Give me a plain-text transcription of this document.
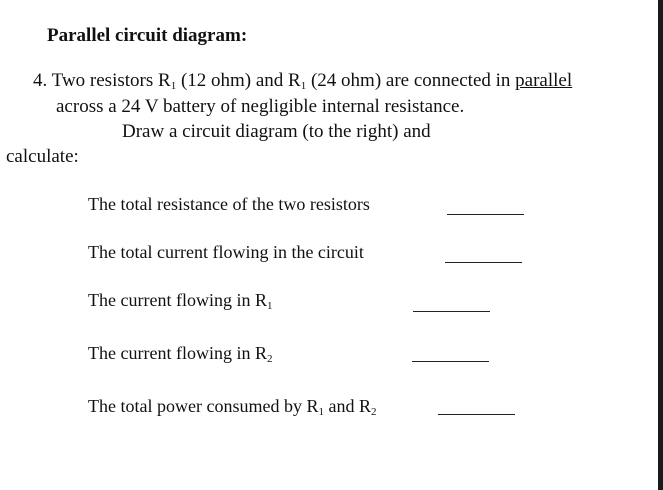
Parallel circuit diagram:
4. Two resistors $R_1$ (12 ohm) and $R_1$ (24 ohm) are connected in parallel
across a 24 V battery of negligible internal resistance.
Draw a circuit diagram (to the right) and
calculate:
The total resistance of the two resistors
The total current flowing in the circuit
The current flowing in $R_1$
The current flowing in $R_2$
The total power consumed by $R_1$ and $R_2$
